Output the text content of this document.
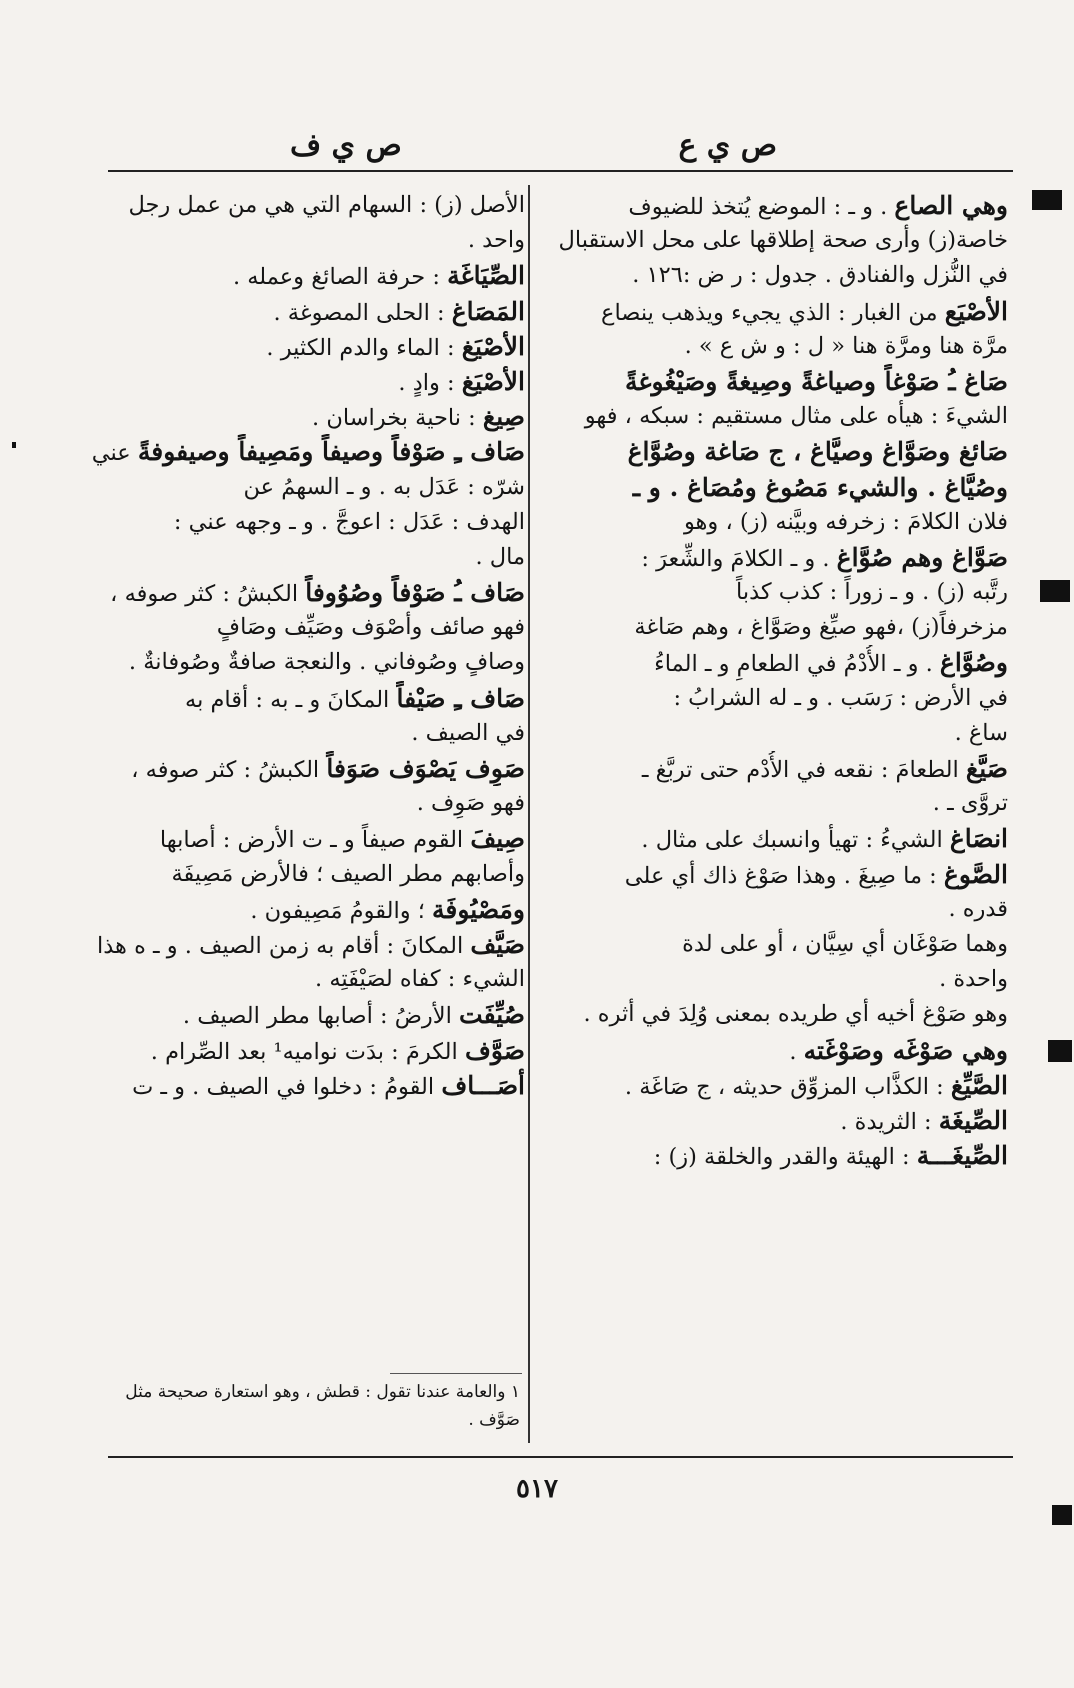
ص ي ع
ص ي ف
وهي الصاع . و ـ : الموضع يُتخذ للضيوف
خاصة(ز) وأرى صحة إطلاقها على محل الاستقبال
في النُّزل والفنادق . جدول : ر ض :١٢٦ .
الأصْيَع من الغبار : الذي يجيء ويذهب ينصاع
مرَّة هنا ومرَّة هنا « ل : و ش ع » .
صَاغ ـُ صَوْغاً وصياغةً وصِيغةً وصَيْغُوغةً
الشيءَ : هيأه على مثال مستقيم : سبكه ، فهو
صَائغ وصَوَّاغ وصيَّاغ ، ج صَاغة وصُوَّاغ
وصُيَّاغ . والشيء مَصُوغ ومُصَاغ . و ـ
فلان الكلامَ : زخرفه وبيَّنه (ز) ، وهو
صَوَّاغ وهم صُوَّاغ . و ـ الكلامَ والشِّعرَ :
رتَّبه (ز) . و ـ زوراً : كذب كذباً
مزخرفاً(ز) ،فهو صيِّغ وصَوَّاغ ، وهم صَاغة
وصُوَّاغ . و ـ الأُدْمُ في الطعامِ و ـ الماءُ
في الأرض : رَسَب . و ـ له الشرابُ :
ساغ .
صَيَّغ الطعامَ : نقعه في الأُدْم حتى تربَّغ ـ
تروَّى ـ .
انصَاغ الشيءُ : تهيأ وانسبك على مثال .
الصَّوغ : ما صِيغَ . وهذا صَوْغ ذاك أي على
قدره .
وهما صَوْغَان أي سِيَّان ، أو على لدة
واحدة .
وهو صَوْغ أخيه أي طريده بمعنى وُلِدَ في أثره .
وهي صَوْغَه وصَوْغَته .
الصَّيِّغ : الكذَّاب المزوِّق حديثه ، ج صَاغَة .
الصِّيغَة : الثريدة .
الصِّيغَـــة : الهيئة والقدر والخلقة (ز) :
الأصل (ز) : السهام التي هي من عمل رجل
واحد .
الصِّيَاغَة : حرفة الصائغ وعمله .
المَصَاغ : الحلى المصوغة .
الأصْيَغ : الماء والدم الكثير .
الأصْيَغ : وادٍ .
صِيغ : ناحية بخراسان .
صَاف ـِ صَوْفاً وصيفاً ومَصِيفاً وصيفوفةً عني
شرّه : عَدَل به . و ـ السهمُ عن
الهدف : عَدَل : اعوجَّ . و ـ وجهه عني :
مال .
صَاف ـُ صَوْفاً وصُوُوفاً الكبشُ : كثر صوفه ،
فهو صائف وأصْوَف وصَيِّف وصَافٍ
وصافٍ وصُوفاني . والنعجة صافةٌ وصُوفانةٌ .
صَاف ـِ صَيْفاً المكانَ و ـ به : أقام به
في الصيف .
صَوِف يَصْوَف صَوَفاً الكبشُ : كثر صوفه ،
فهو صَوِف .
صِيفَ القوم صيفاً و ـ ت الأرض : أصابها
وأصابهم مطر الصيف ؛ فالأرض مَصِيفَة
ومَصْيُوفَة ؛ والقومُ مَصِيفون .
صَيَّف المكانَ : أقام به زمن الصيف . و ـ ه هذا
الشيء : كفاه لصَيْفَتِه .
صُيِّفَت الأرضُ : أصابها مطر الصيف .
صَوَّف الكرمَ : بدَت نواميه¹ بعد الصِّرام .
أصَـــاف القومُ : دخلوا في الصيف . و ـ ت
١ والعامة عندنا تقول : قطش ، وهو استعارة صحيحة مثل
صَوَّف .
٥١٧
